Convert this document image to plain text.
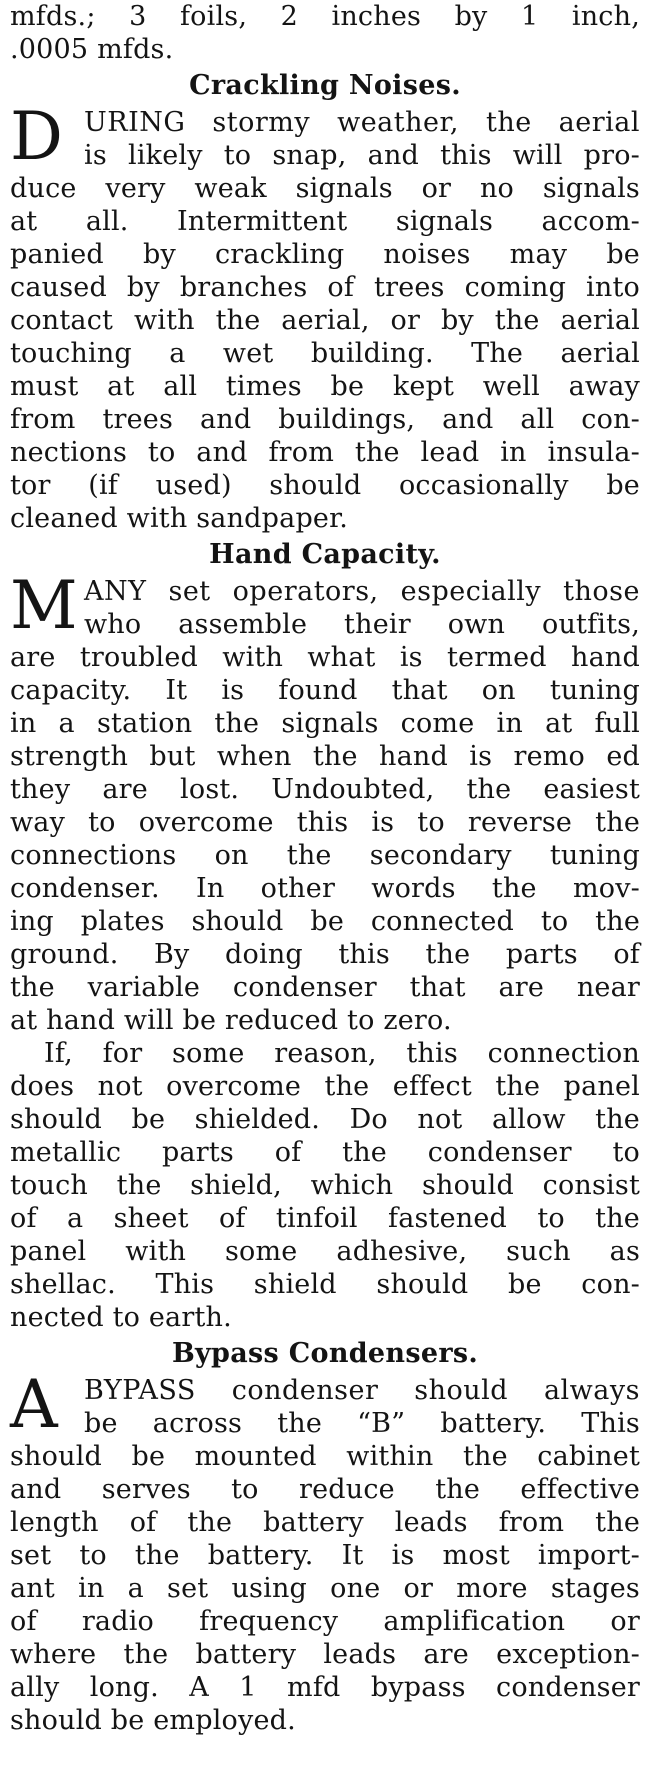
mfds.; 3 foils, 2 inches by 1 inch,
.0005 mfds.
Crackling Noises.
D URING stormy weather, the aerial
is likely to snap, and this will pro-
duce very weak signals or no signals
at all. Intermittent signals accom-
panied by crackling noises may be
caused by branches of trees coming into
contact with the aerial, or by the aerial
touching a wet building. The aerial
must at all times be kept well away
from trees and buildings, and all con-
nections to and from the lead in insula-
tor (if used) should occasionally be
cleaned with sandpaper.
Hand Capacity.
M ANY set operators, especially those
who assemble their own outfits,
are troubled with what is termed hand
capacity. It is found that on tuning
in a station the signals come in at full
strength but when the hand is remo ed
they are lost. Undoubted, the easiest
way to overcome this is to reverse the
connections on the secondary tuning
condenser. In other words the mov-
ing plates should be connected to the
ground. By doing this the parts of
the variable condenser that are near
at hand will be reduced to zero.
If, for some reason, this connection
does not overcome the effect the panel
should be shielded. Do not allow the
metallic parts of the condenser to
touch the shield, which should consist
of a sheet of tinfoil fastened to the
panel with some adhesive, such as
shellac. This shield should be con-
nected to earth.
Bypass Condensers.
A BYPASS condenser should always
be across the “B” battery. This
should be mounted within the cabinet
and serves to reduce the effective
length of the battery leads from the
set to the battery. It is most import-
ant in a set using one or more stages
of radio frequency amplification or
where the battery leads are exception-
ally long. A 1 mfd bypass condenser
should be employed.
